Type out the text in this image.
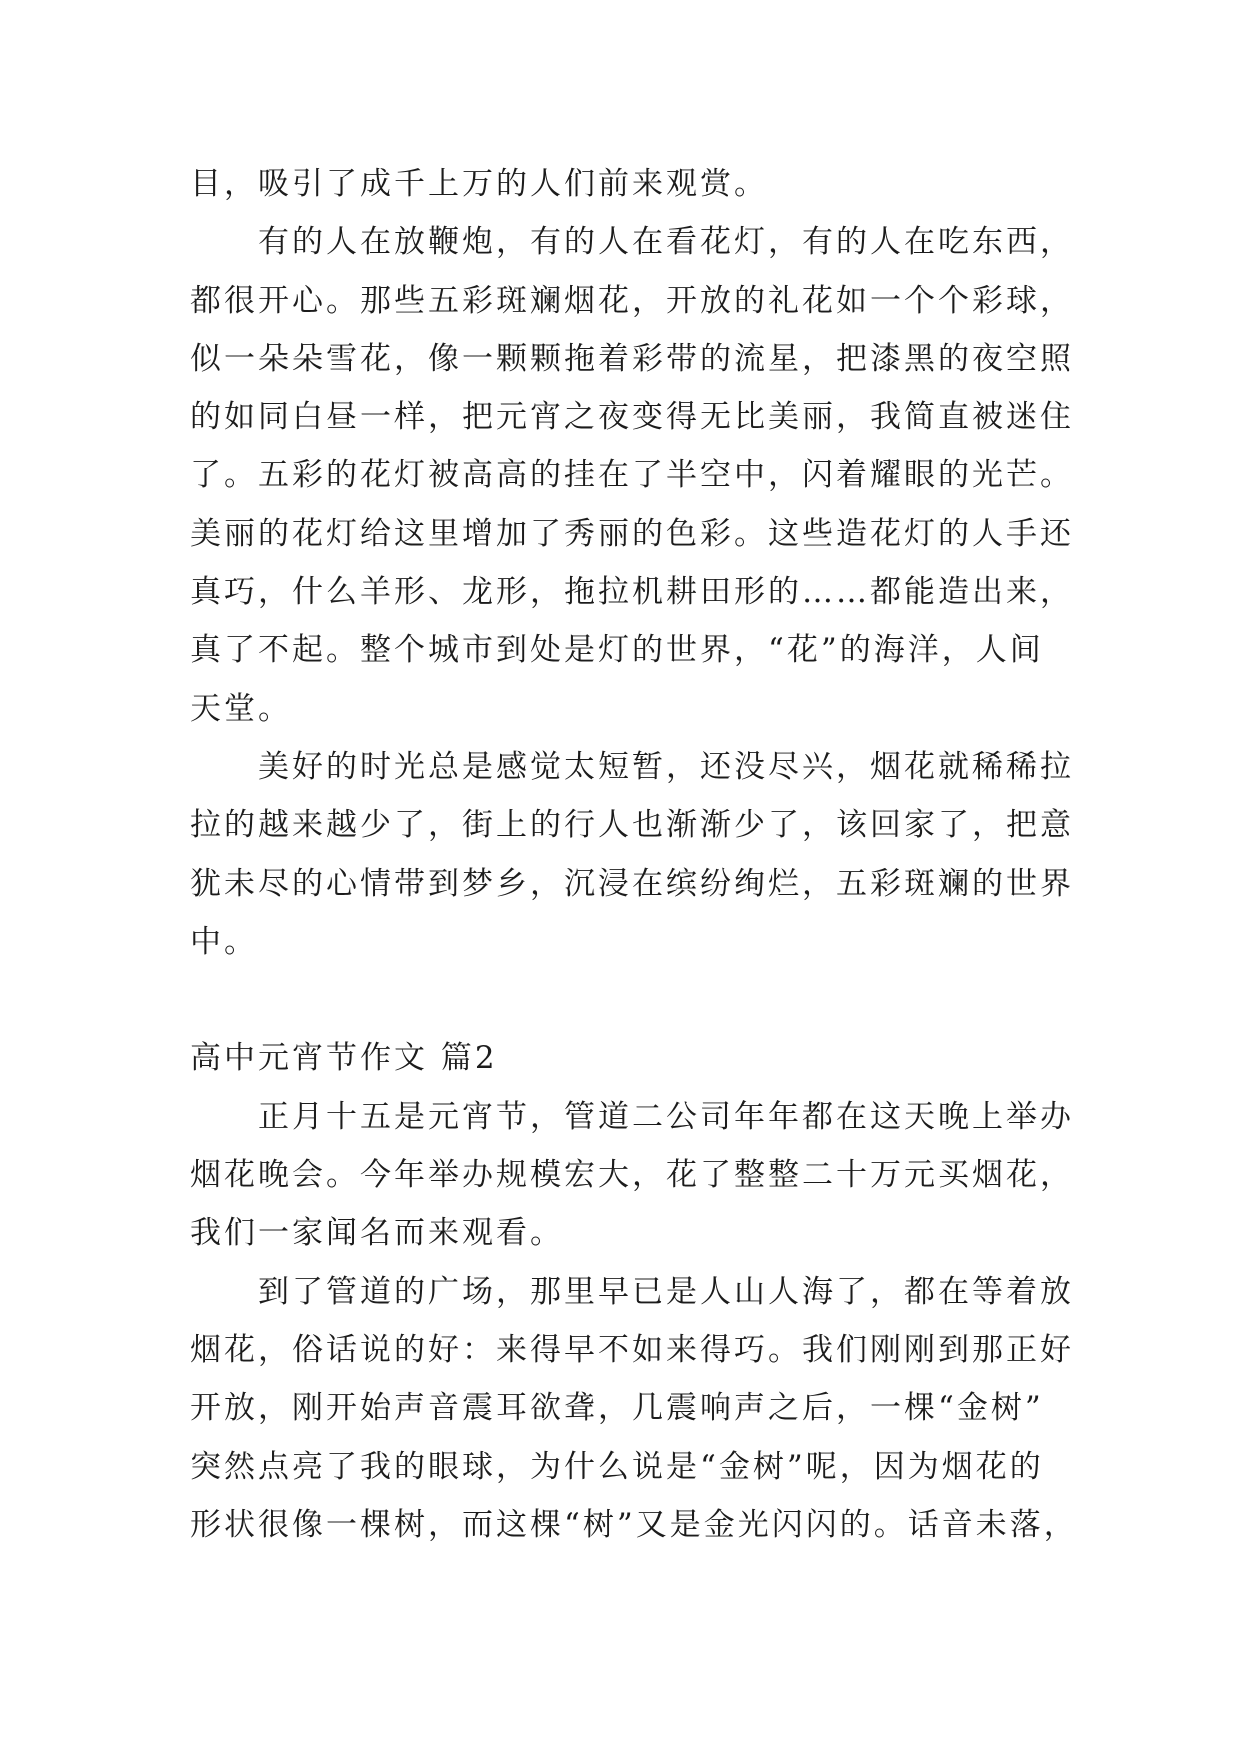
目，吸引了成千上万的人们前来观赏。
有的人在放鞭炮，有的人在看花灯，有的人在吃东西，
都很开心。那些五彩斑斓烟花，开放的礼花如一个个彩球，
似一朵朵雪花，像一颗颗拖着彩带的流星，把漆黑的夜空照
的如同白昼一样，把元宵之夜变得无比美丽，我简直被迷住
了。五彩的花灯被高高的挂在了半空中，闪着耀眼的光芒。
美丽的花灯给这里增加了秀丽的色彩。这些造花灯的人手还
真巧，什么羊形、龙形，拖拉机耕田形的……都能造出来，
真了不起。整个城市到处是灯的世界，“花”的海洋，人间
天堂。
美好的时光总是感觉太短暂，还没尽兴，烟花就稀稀拉
拉的越来越少了，街上的行人也渐渐少了，该回家了，把意
犹未尽的心情带到梦乡，沉浸在缤纷绚烂，五彩斑斓的世界
中。
高中元宵节作文 篇2
正月十五是元宵节，管道二公司年年都在这天晚上举办
烟花晚会。今年举办规模宏大，花了整整二十万元买烟花，
我们一家闻名而来观看。
到了管道的广场，那里早已是人山人海了，都在等着放
烟花，俗话说的好：来得早不如来得巧。我们刚刚到那正好
开放，刚开始声音震耳欲聋，几震响声之后，一棵“金树”
突然点亮了我的眼球，为什么说是“金树”呢，因为烟花的
形状很像一棵树，而这棵“树”又是金光闪闪的。话音未落，
